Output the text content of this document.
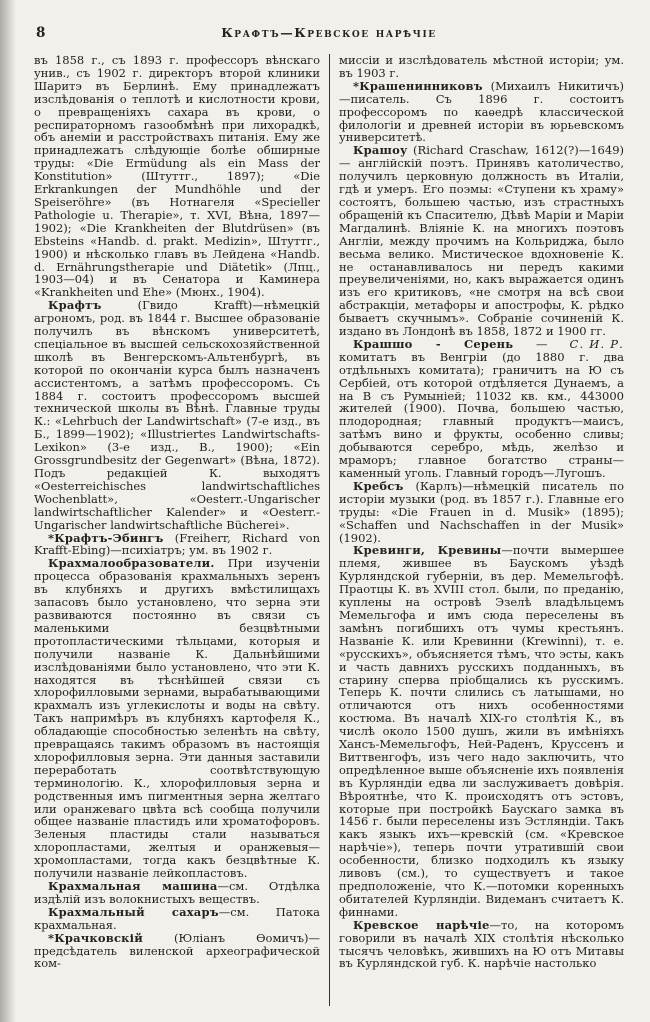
8	Крафтъ—Кревское нарѣчіе

въ 1858 г., съ 1893 г. профессоръ вѣнскаго унив., съ 1902 г. директоръ второй клиники Шаритэ въ Берлинѣ. Ему принадлежатъ изслѣдованія о теплотѣ и кислотности крови, о превращеніяхъ сахара въ крови, о респираторномъ газообмѣнѣ при лихорадкѣ, объ анеміи и расстройствахъ питанія. Ему же принадлежатъ слѣдующіе болѣе обширные труды: «Die Ermüdung als ein Mass der Konstitution» (Штуттг., 1897); «Die Erkrankungen der Mundhöhle und der Speiseröhre» (въ Нотнагеля «Specieller Pathologie u. Therapie», т. XVI, Вѣна, 1897—1902); «Die Krankheiten der Blutdrüsen» (въ Ebsteins «Handb. d. prakt. Medizin», Штуттг., 1900) и нѣсколько главъ въ Лейдена «Handb. d. Ernährungstherapie und Diätetik» (Лпц., 1903—04) и въ Сенатора и Каминера «Krankheiten und Ehe» (Мюнх., 1904).

Крафтъ (Гвидо Krafft)—нѣмецкій агрономъ, род. въ 1844 г. Высшее образованіе получилъ въ вѣнскомъ университетѣ, спеціальное въ высшей сельскохозяйственной школѣ въ Венгерскомъ-Альтенбургѣ, въ которой по окончаніи курса былъ назначенъ ассистентомъ, а затѣмъ профессоромъ. Съ 1884 г. состоитъ профессоромъ высшей технической школы въ Вѣнѣ. Главные труды К.: «Lehrbuch der Landwirtschaft» (7-е изд., въ Б., 1899—1902); «Illustriertes Landwirtschafts-Lexikon» (3-е изд., В., 1900); «Ein Grossgrundbesitz der Gegenwart» (Вѣна, 1872). Подъ редакціей К. выходятъ «Oesterreichisches landwirtschaftliches Wochenblatt», «Oesterr.-Ungarischer landwirtschaftlicher Kalender» и «Oesterr.-Ungarischer landwirtschaftliche Bücherei».

*Крафтъ-Эбингъ (Freiherr, Richard von Krafft-Ebing)—психіатръ; ум. въ 1902 г.

Крахмалообразователи. При изученіи процесса образованія крахмальныхъ зеренъ въ клубняхъ и другихъ вмѣстилищахъ запасовъ было установлено, что зерна эти развиваются постоянно въ связи съ маленькими безцвѣтными протопластическими тѣльцами, которыя и получили названіе К. Дальнѣйшими изслѣдованіями было установлено, что эти К. находятся въ тѣснѣйшей связи съ хлорофилловыми зернами, вырабатывающими крахмалъ изъ углекислоты и воды на свѣту. Такъ напримѣръ въ клубняхъ картофеля К., обладающіе способностью зеленѣть на свѣту, превращаясь такимъ образомъ въ настоящія хлорофилловыя зерна. Эти данныя заставили переработать соотвѣтствующую терминологію. К., хлорофилловыя зерна и родственныя имъ пигментныя зерна желтаго или оранжеваго цвѣта всѣ сообща получили общее названіе пластидъ или хроматофоровъ. Зеленыя пластиды стали называться хлоропластами, желтыя и оранжевыя—хромопластами, тогда какъ безцвѣтные К. получили названіе лейкопластовъ.

Крахмальная машина—см. Отдѣлка издѣлій изъ волокнистыхъ веществъ.

Крахмальный сахаръ—см. Патока крахмальная.

*Крачковскій (Юліанъ Ѳомичъ)—предсѣдатель виленской археографической ком-

миссіи и изслѣдователь мѣстной исторіи; ум. въ 1903 г.

*Крашенинниковъ (Михаилъ Никитичъ)—писатель. Съ 1896 г. состоитъ профессоромъ по каѳедрѣ классической филологіи и древней исторіи въ юрьевскомъ университетѣ.

Крашоу (Richard Craschaw, 1612(?)—1649) — англійскій поэтъ. Принявъ католичество, получилъ церковную должность въ Италіи, гдѣ и умеръ. Его поэмы: «Ступени къ храму» состоятъ, большею частью, изъ страстныхъ обращеній къ Спасителю, Дѣвѣ Маріи и Маріи Магдалинѣ. Вліяніе К. на многихъ поэтовъ Англіи, между прочимъ на Кольриджа, было весьма велико. Мистическое вдохновеніе К. не останавливалось ни передъ какими преувеличеніями, но, какъ выражается одинъ изъ его критиковъ, «не смотря на всѣ свои абстракціи, метафоры и апострофы, К. рѣдко бываетъ скучнымъ». Собраніе сочиненій К. издано въ Лондонѣ въ 1858, 1872 и 1900 гг.
С. И. Р.

Крашшо - Серень — комитатъ въ Венгріи (до 1880 г. два отдѣльныхъ комитата); граничитъ на Ю съ Сербіей, отъ которой отдѣляется Дунаемъ, а на В съ Румыніей; 11032 кв. км., 443000 жителей (1900). Почва, большею частью, плодородная; главный продуктъ—маисъ, затѣмъ вино и фрукты, особенно сливы; добываются серебро, мѣдь, желѣзо и мраморъ; главное богатство страны—каменный уголь. Главный городъ—Лугошъ.

Кребсъ (Карлъ)—нѣмецкій писатель по исторіи музыки (род. въ 1857 г.). Главные его труды: «Die Frauen in d. Musik» (1895); «Schaffen und Nachschaffen in der Musik» (1902).

Кревинги, Кревины—почти вымершее племя, жившее въ Баускомъ уѣздѣ Курляндской губерніи, въ дер. Мемельгофѣ. Праотцы К. въ XVIII стол. были, по преданію, куплены на островѣ Эзелѣ владѣльцемъ Мемельгофа и имъ сюда переселены въ замѣнъ погибшихъ отъ чумы крестьянъ. Названіе К. или Кревинни (Krewinni), т. е. «русскихъ», объясняется тѣмъ, что эсты, какъ и часть давнихъ русскихъ подданныхъ, въ старину сперва пріобщались къ русскимъ. Теперь К. почти слились съ латышами, но отличаются отъ нихъ особенностями костюма. Въ началѣ XIX-го столѣтія К., въ числѣ около 1500 душъ, жили въ имѣніяхъ Хансъ-Мемельгофъ, Ней-Раденъ, Круссенъ и Виттвенгофъ, изъ чего надо заключить, что опредѣленное выше объясненіе ихъ появленія въ Курляндіи едва ли заслуживаетъ довѣрія. Вѣроятнѣе, что К. происходятъ отъ эстовъ, которые при постройкѣ Баускаго замка въ 1456 г. были переселены изъ Эстляндіи. Такъ какъ языкъ ихъ—кревскій (см. «Кревское нарѣчіе»), теперь почти утратившій свои особенности, близко подходилъ къ языку ливовъ (см.), то существуетъ и такое предположеніе, что К.—потомки коренныхъ обитателей Курляндіи. Видеманъ считаетъ К. финнами.

Кревское нарѣчіе—то, на которомъ говорили въ началѣ XIX столѣтія нѣсколько тысячъ человѣкъ, жившихъ на Ю отъ Митавы въ Курляндской губ. К. нарѣчіе настолько
